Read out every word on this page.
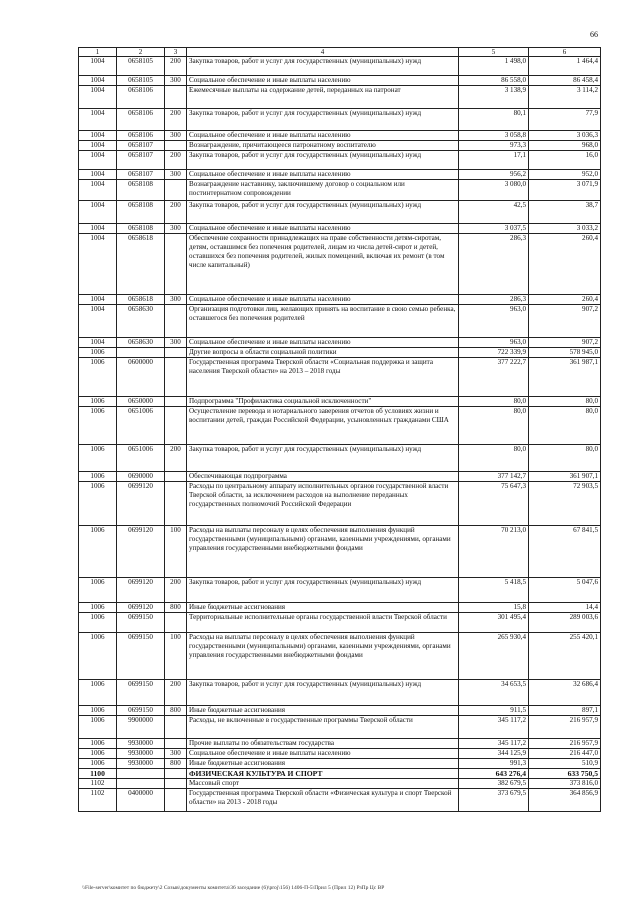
66
1	2	3	4	5	6
1004	0658105	200	Закупка товаров, работ и услуг для государственных (муниципальных) нужд	1 498,0	1 464,4
1004	0658105	300	Социальное обеспечение и иные выплаты населению	86 558,0	86 458,4
1004	0658106		Ежемесячные выплаты на содержание детей, переданных на патронат	3 138,9	3 114,2
1004	0658106	200	Закупка товаров, работ и услуг для государственных (муниципальных) нужд	80,1	77,9
1004	0658106	300	Социальное обеспечение и иные выплаты населению	3 058,8	3 036,3
1004	0658107		Вознаграждение, причитающееся патронатному воспитателю	973,3	968,0
1004	0658107	200	Закупка товаров, работ и услуг для государственных (муниципальных) нужд	17,1	16,0
1004	0658107	300	Социальное обеспечение и иные выплаты населению	956,2	952,0
1004	0658108		Вознаграждение наставнику, заключившему договор о социальном или постинтернатном сопровождении	3 080,0	3 071,9
1004	0658108	200	Закупка товаров, работ и услуг для государственных (муниципальных) нужд	42,5	38,7
1004	0658108	300	Социальное обеспечение и иные выплаты населению	3 037,5	3 033,2
1004	0658618		Обеспечение сохранности принадлежащих на праве собственности детям-сиротам, детям, оставшимся без попечения родителей, лицам из числа детей-сирот и детей, оставшихся без попечения родителей, жилых помещений, включая их ремонт (в том числе капитальный)	286,3	260,4
1004	0658618	300	Социальное обеспечение и иные выплаты населению	286,3	260,4
1004	0658630		Организация подготовки лиц, желающих принять на воспитание в свою семью ребенка, оставшегося без попечения родителей	963,0	907,2
1004	0658630	300	Социальное обеспечение и иные выплаты населению	963,0	907,2
1006			Другие вопросы в области социальной политики	722 339,9	578 945,0
1006	0600000		Государственная программа Тверской области «Социальная поддержка и защита населения Тверской области» на 2013 – 2018 годы	377 222,7	361 987,1
1006	0650000		Подпрограмма "Профилактика социальной исключенности"	80,0	80,0
1006	0651006		Осуществление перевода и нотариального заверения отчетов об условиях жизни и воспитании детей, граждан Российской Федерации, усыновленных гражданами США	80,0	80,0
1006	0651006	200	Закупка товаров, работ и услуг для государственных (муниципальных) нужд	80,0	80,0
1006	0690000		Обеспечивающая подпрограмма	377 142,7	361 907,1
1006	0699120		Расходы по центральному аппарату исполнительных органов государственной власти Тверской области, за исключением расходов на выполнение переданных государственных полномочий Российской Федерации	75 647,3	72 903,5
1006	0699120	100	Расходы на выплаты персоналу в целях обеспечения выполнения функций государственными (муниципальными) органами, казенными учреждениями, органами управления государственными внебюджетными фондами	70 213,0	67 841,5
1006	0699120	200	Закупка товаров, работ и услуг для государственных (муниципальных) нужд	5 418,5	5 047,6
1006	0699120	800	Иные бюджетные ассигнования	15,8	14,4
1006	0699150		Территориальные исполнительные органы государственной власти Тверской области	301 495,4	289 003,6
1006	0699150	100	Расходы на выплаты персоналу в целях обеспечения выполнения функций государственными (муниципальными) органами, казенными учреждениями, органами управления государственными внебюджетными фондами	265 930,4	255 420,1
1006	0699150	200	Закупка товаров, работ и услуг для государственных (муниципальных) нужд	34 653,5	32 686,4
1006	0699150	800	Иные бюджетные ассигнования	911,5	897,1
1006	9900000		Расходы, не включенные в государственные программы Тверской области	345 117,2	216 957,9
1006	9930000		Прочие выплаты по обязательствам государства	345 117,2	216 957,9
1006	9930000	300	Социальное обеспечение и иные выплаты населению	344 125,9	216 447,0
1006	9930000	800	Иные бюджетные ассигнования	991,3	510,9
1100			ФИЗИЧЕСКАЯ КУЛЬТУРА И СПОРТ	643 276,4	633 750,5
1102			Массовый спорт	382 679,5	373 816,0
1102	0400000		Государственная программа Тверской области «Физическая культура и спорт Тверской области» на 2013 - 2018 годы	373 679,5	364 856,9
\\File-server\комитет по бюджету\2 Созыв\документы комитета\36 заседание (6)\proj\156) 1406-П-5\Прил 5 (Прил 12) РзПр Цс ВР
